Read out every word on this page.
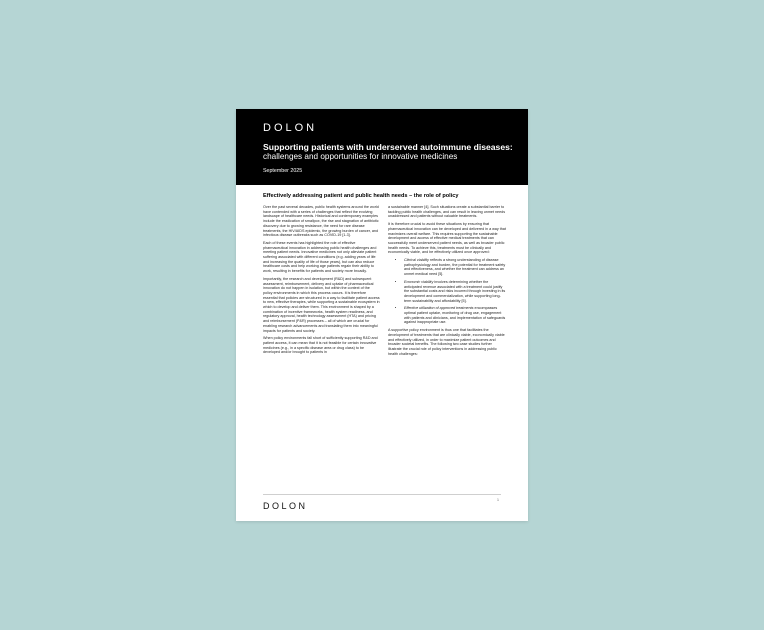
DOLON
Supporting patients with underserved autoimmune diseases:
challenges and opportunities for innovative medicines
September 2025
Effectively addressing patient and public health needs – the role of policy

Over the past several decades, public health systems around the world have contended with a series of challenges that reflect the evolving landscape of healthcare needs. Historical and contemporary examples include the eradication of smallpox, the rise and stagnation of antibiotic discovery due to growing resistance, the need for rare disease treatments, the HIV/AIDS epidemic, the growing burden of cancer, and infectious disease outbreaks such as COVID-19 [1-3].

Each of these events has highlighted the role of effective pharmaceutical innovation in addressing public health challenges and meeting patient needs. Innovative medicines not only alleviate patient suffering associated with different conditions (e.g. adding years of life and increasing the quality of life of those years), but can also reduce healthcare costs and help working age patients regain their ability to work, resulting in benefits for patients and society more broadly.

Importantly, the research and development (R&D) and subsequent assessment, reimbursement, delivery and uptake of pharmaceutical innovation do not happen in isolation, but within the context of the policy environments in which this process occurs. It is therefore essential that policies are structured in a way to facilitate patient access to new, effective therapies, while supporting a sustainable ecosystem in which to develop and deliver them. This environment is shaped by a combination of incentive frameworks, health system readiness, and regulatory approval, health technology assessment (HTA) and pricing and reimbursement (P&R) processes – all of which are crucial for enabling research advancements and translating them into meaningful impacts for patients and society.

When policy environments fall short of sufficiently supporting R&D and patient access, it can mean that it is not feasible for certain innovative medicines (e.g., in a specific disease area or drug class) to be developed and/or brought to patients in

a sustainable manner [4]. Such situations create a substantial barrier to tackling public health challenges, and can result in leaving unmet needs unaddressed and patients without valuable treatments.

It is therefore crucial to avoid these situations by ensuring that pharmaceutical innovation can be developed and delivered in a way that maximizes overall welfare. This requires supporting the sustainable development and access of effective medical treatments that can successfully meet underserved patient needs, as well as broader public health needs. To achieve this, treatments must be clinically and economically viable, and be effectively utilized once approved:

• Clinical viability reflects a strong understanding of disease pathophysiology and burden, the potential for treatment safety and effectiveness, and whether the treatment can address an unmet medical need [5].
• Economic viability involves determining whether the anticipated revenue associated with a treatment could justify the substantial costs and risks incurred through investing in its development and commercialization, while supporting long-term sustainability and affordability [5].
• Effective utilization of approved treatments encompasses optimal patient uptake, monitoring of drug use, engagement with patients and clinicians, and implementation of safeguards against inappropriate use.

A supportive policy environment is thus one that facilitates the development of treatments that are clinically viable, economically viable and effectively utilized, in order to maximize patient outcomes and broader societal benefits. The following two case studies further illustrate the crucial role of policy interventions in addressing public health challenges:

1
DOLON
